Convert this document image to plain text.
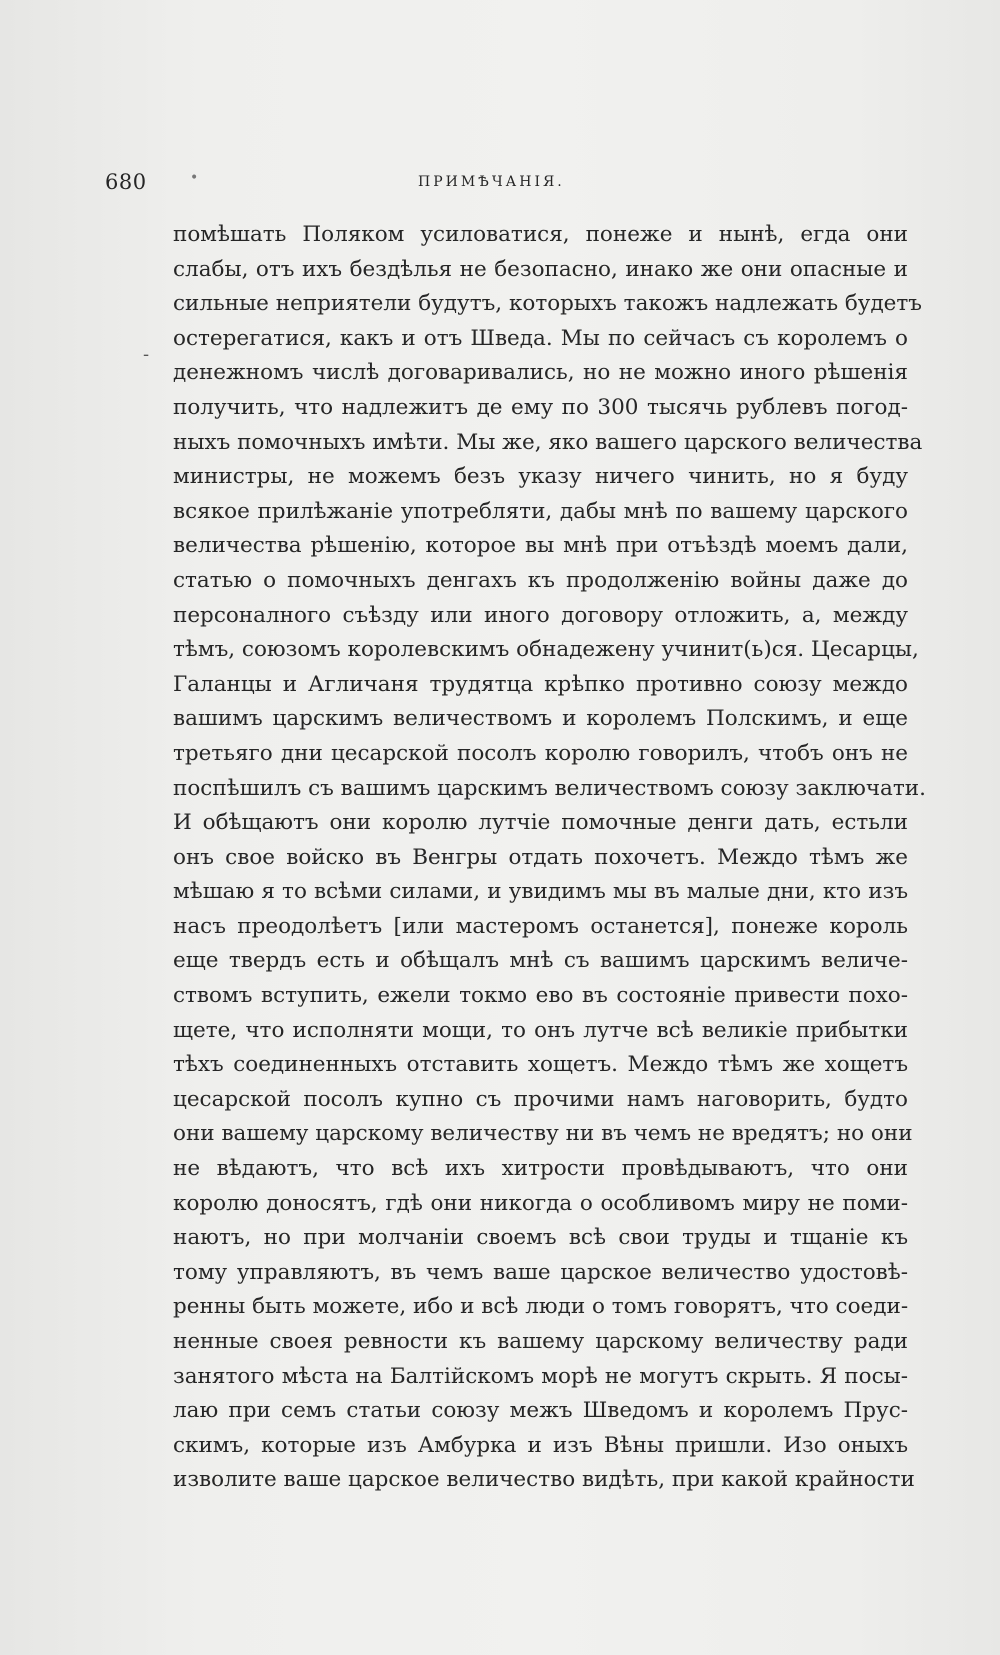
680	•	ПРИМѢЧАНІЯ.
-
помѣшать Поляком усиловатися, понеже и нынѣ, егда они
слабы, отъ ихъ бездѣлья не безопасно, инако же они опасные и
сильные неприятели будутъ, которыхъ такожъ надлежать будетъ
остерегатися, какъ и отъ Шведа. Мы по сейчасъ съ королемъ о
денежномъ числѣ договаривались, но не можно иного рѣшенія
получить, что надлежитъ де ему по 300 тысячь рублевъ погод-
ныхъ помочныхъ имѣти. Мы же, яко вашего царского величества
министры, не можемъ безъ указу ничего чинить, но я буду
всякое прилѣжаніе употребляти, дабы мнѣ по вашему царского
величества рѣшенію, которое вы мнѣ при отъѣздѣ моемъ дали,
статью о помочныхъ денгахъ къ продолженію войны даже до
персоналного съѣзду или иного договору отложить, а, между
тѣмъ, союзомъ королевскимъ обнадежену учинит(ь)ся. Цесарцы,
Галанцы и Агличаня трудятца крѣпко противно союзу междо
вашимъ царскимъ величествомъ и королемъ Полскимъ, и еще
третьяго дни цесарской посолъ королю говорилъ, чтобъ онъ не
поспѣшилъ съ вашимъ царскимъ величествомъ союзу заключати.
И обѣщаютъ они королю лутчіе помочные денги дать, естьли
онъ свое войско въ Венгры отдать похочетъ. Междо тѣмъ же
мѣшаю я то всѣми силами, и увидимъ мы въ малые дни, кто изъ
насъ преодолѣетъ [или мастеромъ останется], понеже король
еще твердъ есть и обѣщалъ мнѣ съ вашимъ царскимъ величе-
ствомъ вступить, ежели токмо ево въ состояніе привести похо-
щете, что исполняти мощи, то онъ лутче всѣ великіе прибытки
тѣхъ соединенныхъ отставить хощетъ. Междо тѣмъ же хощетъ
цесарской посолъ купно съ прочими намъ наговорить, будто
они вашему царскому величеству ни въ чемъ не вредятъ; но они
не вѣдаютъ, что всѣ ихъ хитрости провѣдываютъ, что они
королю доносятъ, гдѣ они никогда о особливомъ миру не поми-
наютъ, но при молчаніи своемъ всѣ свои труды и тщаніе къ
тому управляютъ, въ чемъ ваше царское величество удостовѣ-
ренны быть можете, ибо и всѣ люди о томъ говорятъ, что соеди-
ненные своея ревности къ вашему царскому величеству ради
занятого мѣста на Балтійскомъ морѣ не могутъ скрыть. Я посы-
лаю при семъ статьи союзу межъ Шведомъ и королемъ Прус-
скимъ, которые изъ Амбурка и изъ Вѣны пришли. Изо оныхъ
изволите ваше царское величество видѣть, при какой крайности
